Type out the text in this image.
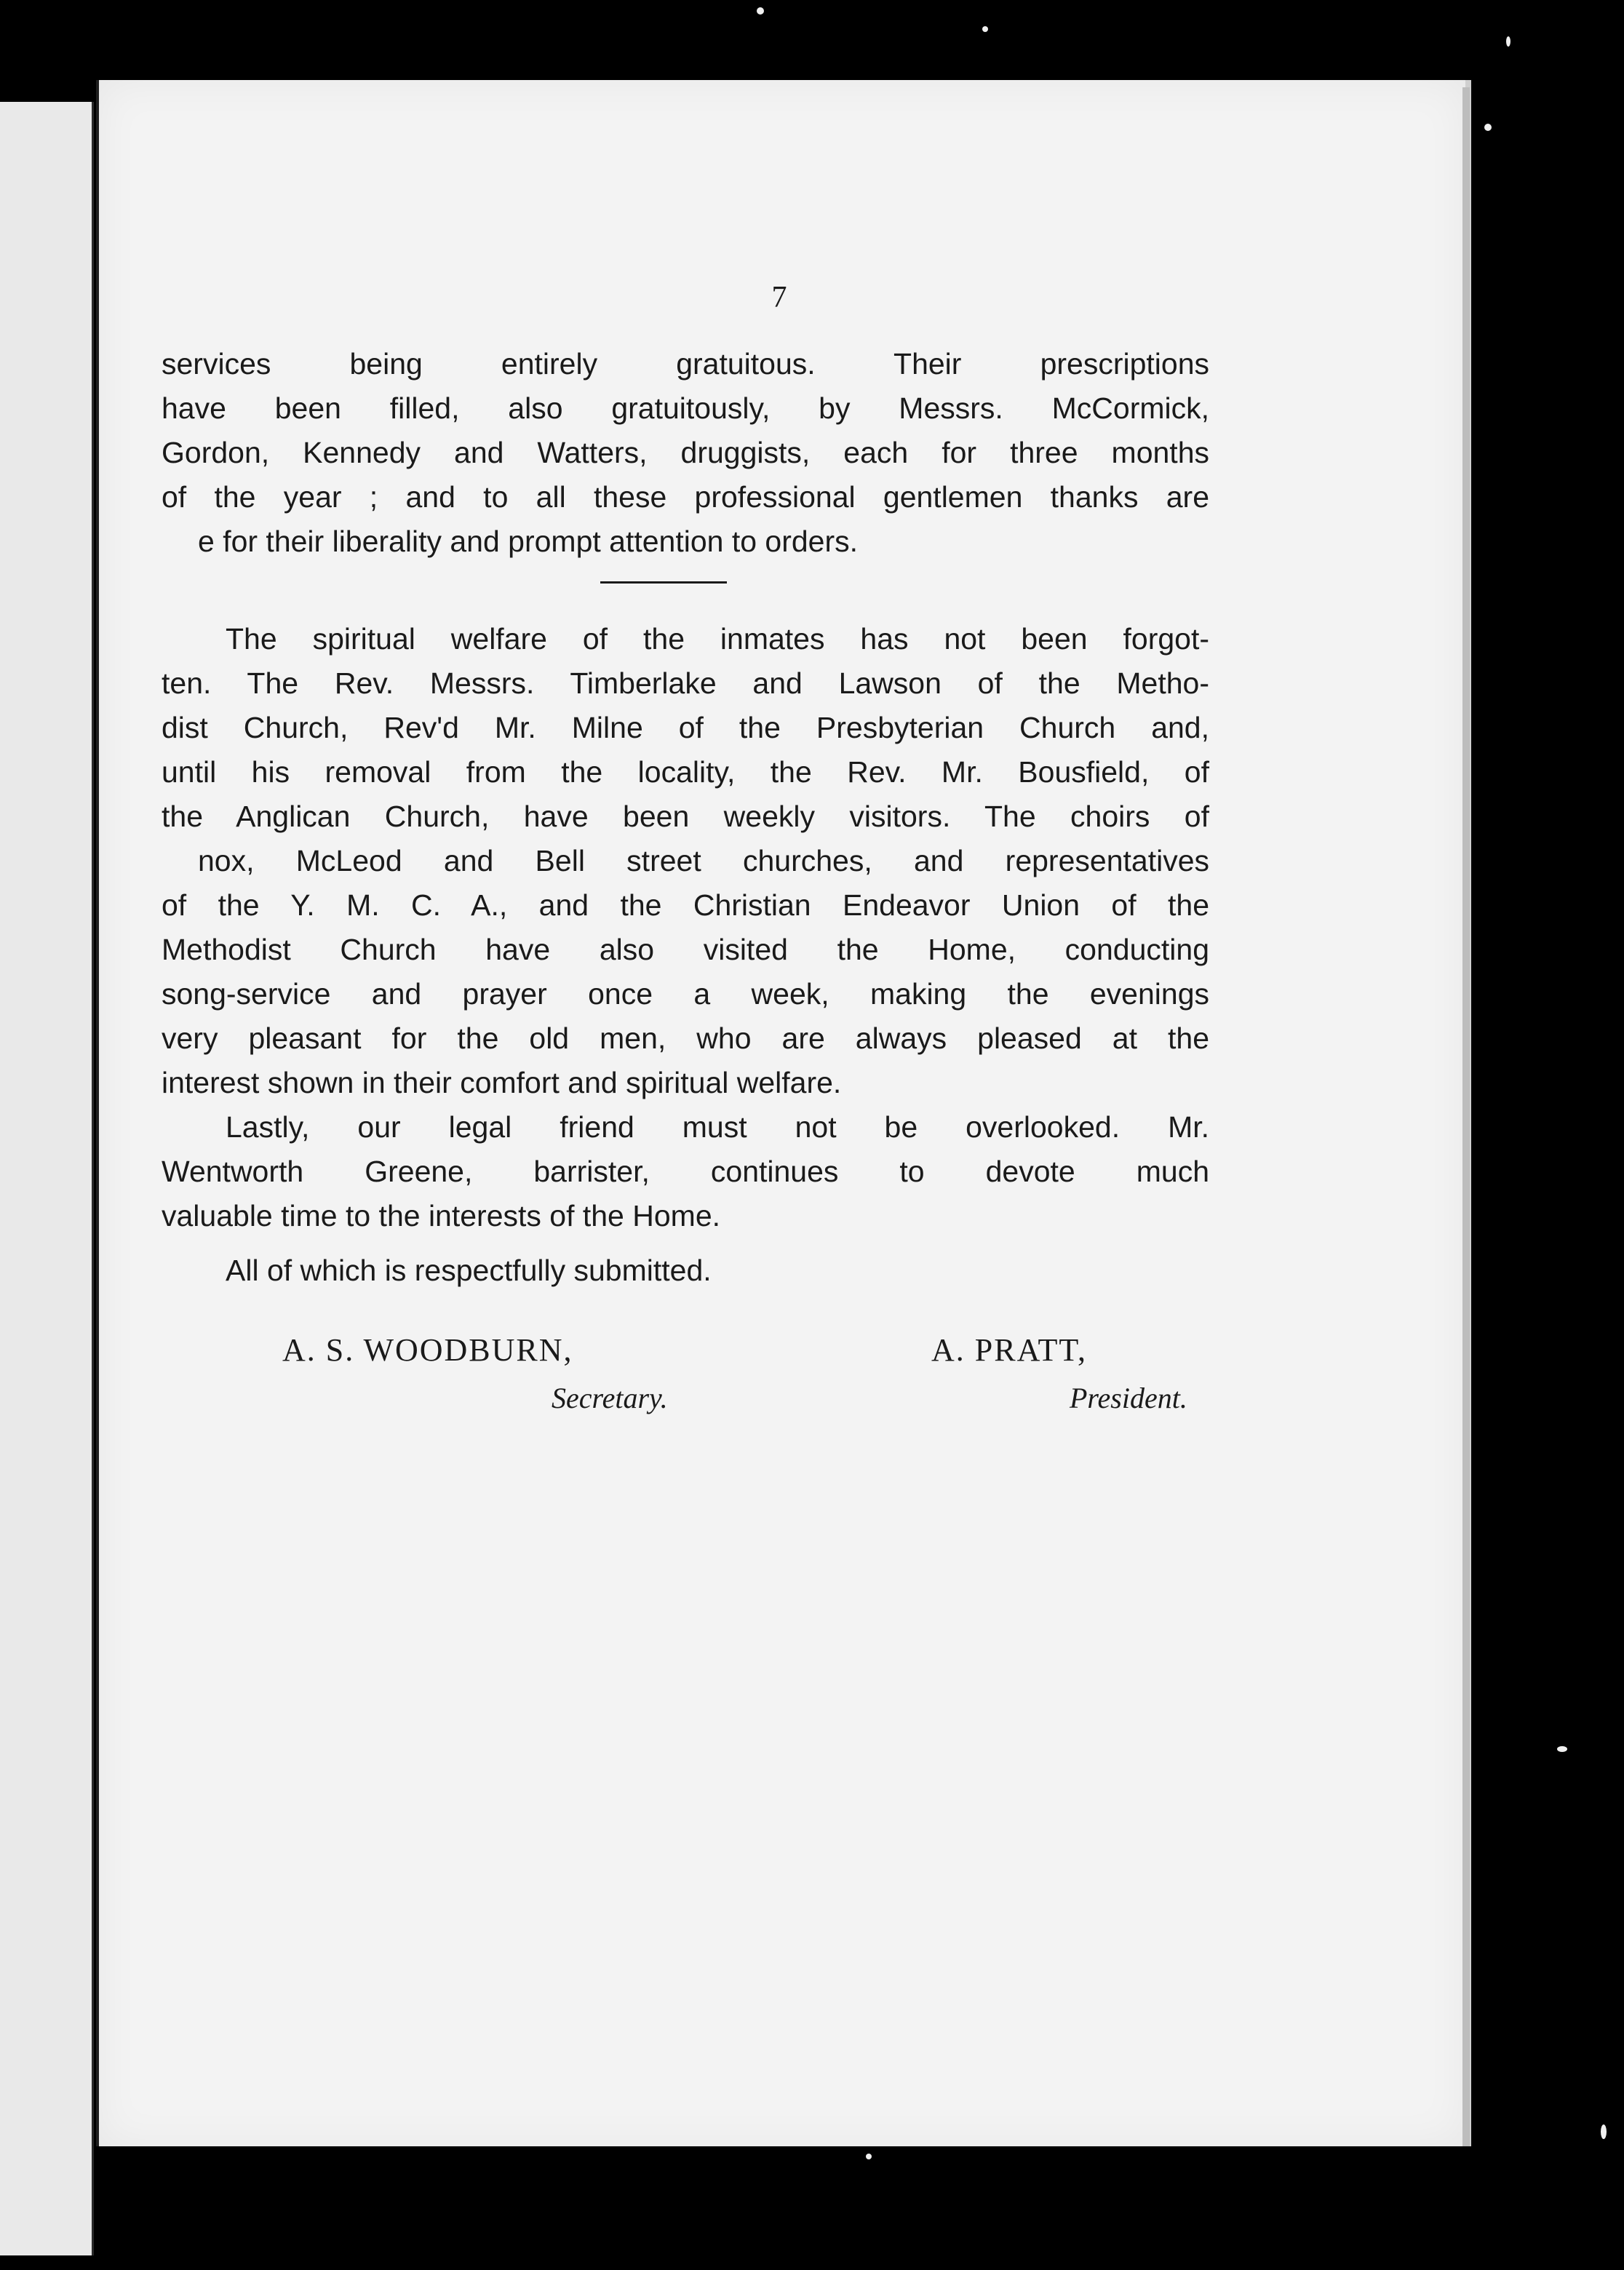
7
services being entirely gratuitous. Their prescriptions
have been filled, also gratuitously, by Messrs. McCormick,
Gordon, Kennedy and Watters, druggists, each for three months
of the year ; and to all these professional gentlemen thanks are
e for their liberality and prompt attention to orders.
The spiritual welfare of the inmates has not been forgot-
ten. The Rev. Messrs. Timberlake and Lawson of the Metho-
dist Church, Rev'd Mr. Milne of the Presbyterian Church and,
until his removal from the locality, the Rev. Mr. Bousfield, of
the Anglican Church, have been weekly visitors. The choirs of
nox, McLeod and Bell street churches, and representatives
of the Y. M. C. A., and the Christian Endeavor Union of the
Methodist Church have also visited the Home, conducting
song-service and prayer once a week, making the evenings
very pleasant for the old men, who are always pleased at the
interest shown in their comfort and spiritual welfare.
Lastly, our legal friend must not be overlooked. Mr.
Wentworth Greene, barrister, continues to devote much
valuable time to the interests of the Home.
All of which is respectfully submitted.
A. S. WOODBURN,
Secretary.
A. PRATT,
President.
